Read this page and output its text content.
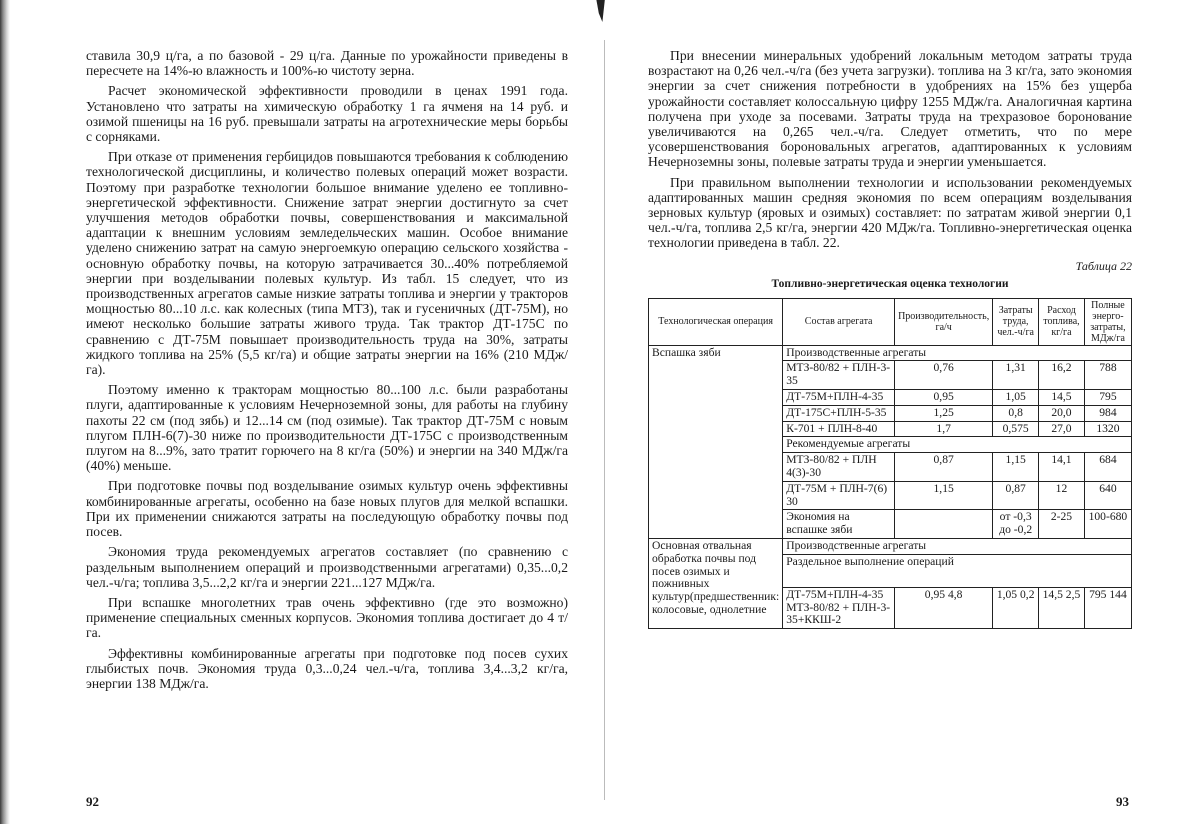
ставила 30,9 ц/га, а по базовой - 29 ц/га. Данные по урожайности приведены в пересчете на 14%-ю влажность и 100%-ю чистоту зерна.

Расчет экономической эффективности проводили в ценах 1991 года. Установлено что затраты на химическую обработку 1 га ячменя на 14 руб. и озимой пшеницы на 16 руб. превышали затраты на агротехнические меры борьбы с сорняками.

При отказе от применения гербицидов повышаются требования к соблюдению технологической дисциплины, и количество полевых операций может возрасти. Поэтому при разработке технологии большое внимание уделено ее топливно-энергетической эффективности. Снижение затрат энергии достигнуто за счет улучшения методов обработки почвы, совершенствования и максимальной адаптации к внешним условиям земледельческих машин. Особое внимание уделено снижению затрат на самую энергоемкую операцию сельского хозяйства - основную обработку почвы, на которую затрачивается 30...40% потребляемой энергии при возделывании полевых культур. Из табл. 15 следует, что из производственных агрегатов самые низкие затраты топлива и энергии у тракторов мощностью 80...10 л.с. как колесных (типа МТЗ), так и гусеничных (ДТ-75М), но имеют несколько большие затраты живого труда. Так трактор ДТ-175С по сравнению с ДТ-75М повышает производительность труда на 30%, затраты жидкого топлива на 25% (5,5 кг/га) и общие затраты энергии на 16% (210 МДж/га).

Поэтому именно к тракторам мощностью 80...100 л.с. были разработаны плуги, адаптированные к условиям Нечерноземной зоны, для работы на глубину пахоты 22 см (под зябь) и 12...14 см (под озимые). Так трактор ДТ-75М с новым плугом ПЛН-6(7)-30 ниже по производительности ДТ-175С с производственным плугом на 8...9%, зато тратит горючего на 8 кг/га (50%) и энергии на 340 МДж/га (40%) меньше.

При подготовке почвы под возделывание озимых культур очень эффективны комбинированные агрегаты, особенно на базе новых плугов для мелкой вспашки. При их применении снижаются затраты на последующую обработку почвы под посев.

Экономия труда рекомендуемых агрегатов составляет (по сравнению с раздельным выполнением операций и производственными агрегатами) 0,35...0,2 чел.-ч/га; топлива 3,5...2,2 кг/га и энергии 221...127 МДж/га.

При вспашке многолетних трав очень эффективно (где это возможно) применение специальных сменных корпусов. Экономия топлива достигает до 4 т/га.

Эффективны комбинированные агрегаты при подготовке под посев сухих глыбистых почв. Экономия труда 0,3...0,24 чел.-ч/га, топлива 3,4...3,2 кг/га, энергии 138 МДж/га.

92

При внесении минеральных удобрений локальным методом затраты труда возрастают на 0,26 чел.-ч/га (без учета загрузки). топлива на 3 кг/га, зато экономия энергии за счет снижения потребности в удобрениях на 15% без ущерба урожайности составляет колоссальную цифру 1255 МДж/га. Аналогичная картина получена при уходе за посевами. Затраты труда на трехразовое боронование увеличиваются на 0,265 чел.-ч/га. Следует отметить, что по мере усовершенствования бороновальных агрегатов, адаптированных к условиям Нечерноземны зоны, полевые затраты труда и энергии уменьшается.

При правильном выполнении технологии и использовании рекомендуемых адаптированных машин средняя экономия по всем операциям возделывания зерновых культур (яровых и озимых) составляет: по затратам живой энергии 0,1 чел.-ч/га, топлива 2,5 кг/га, энергии 420 МДж/га. Топливно-энергетическая оценка технологии приведена в табл. 22.

Таблица 22
Топливно-энергетическая оценка технологии
Технологическая операция	Состав агрегата	Производительность, га/ч	Затраты труда, чел.-ч/га	Расход топлива, кг/га	Полные энерго-затраты, МДж/га
Вспашка зяби	Производственные агрегаты
МТЗ-80/82 + ПЛН-3-35	0,76	1,31	16,2	788
ДТ-75М+ПЛН-4-35	0,95	1,05	14,5	795
ДТ-175С+ПЛН-5-35	1,25	0,8	20,0	984
К-701 + ПЛН-8-40	1,7	0,575	27,0	1320
Рекомендуемые агрегаты
МТЗ-80/82 + ПЛН 4(3)-30	0,87	1,15	14,1	684
ДТ-75М + ПЛН-7(6) 30	1,15	0,87	12	640
Экономия на вспашке зяби		от -0,3 до -0,2	2-25	100-680
Основная отвальная обработка почвы под посев озимых и пожнивных культур(предшественник: колосовые, однолетние	Производственные агрегаты
Раздельное выполнение операций
ДТ-75М+ПЛН-4-35 МТЗ-80/82 + ПЛН-3-35+ККШ-2	0,95 4,8	1,05 0,2	14,5 2,5	795 144
93
